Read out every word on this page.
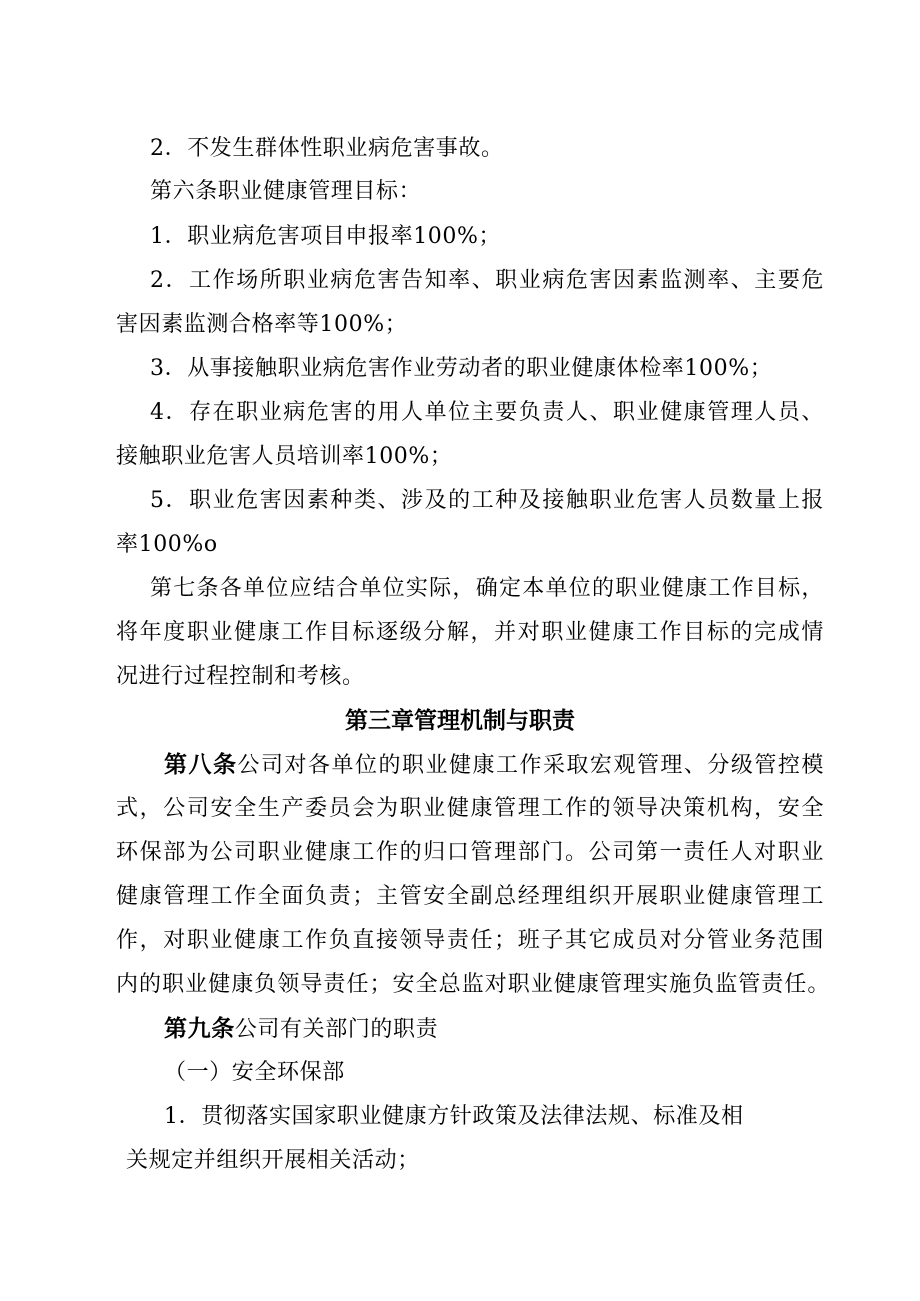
2．不发生群体性职业病危害事故。

第六条职业健康管理目标：

1．职业病危害项目申报率100%；

2．工作场所职业病危害告知率、职业病危害因素监测率、主要危

害因素监测合格率等100%；

3．从事接触职业病危害作业劳动者的职业健康体检率100%；

4．存在职业病危害的用人单位主要负责人、职业健康管理人员、

接触职业危害人员培训率100%；

5．职业危害因素种类、涉及的工种及接触职业危害人员数量上报

率100%o

第七条各单位应结合单位实际，确定本单位的职业健康工作目标，

将年度职业健康工作目标逐级分解，并对职业健康工作目标的完成情

况进行过程控制和考核。

第三章管理机制与职责

第八条公司对各单位的职业健康工作采取宏观管理、分级管控模

式，公司安全生产委员会为职业健康管理工作的领导决策机构，安全

环保部为公司职业健康工作的归口管理部门。公司第一责任人对职业

健康管理工作全面负责；主管安全副总经理组织开展职业健康管理工

作，对职业健康工作负直接领导责任；班子其它成员对分管业务范围

内的职业健康负领导责任；安全总监对职业健康管理实施负监管责任。

第九条公司有关部门的职责

（一）安全环保部

1．贯彻落实国家职业健康方针政策及法律法规、标准及相

关规定并组织开展相关活动；
